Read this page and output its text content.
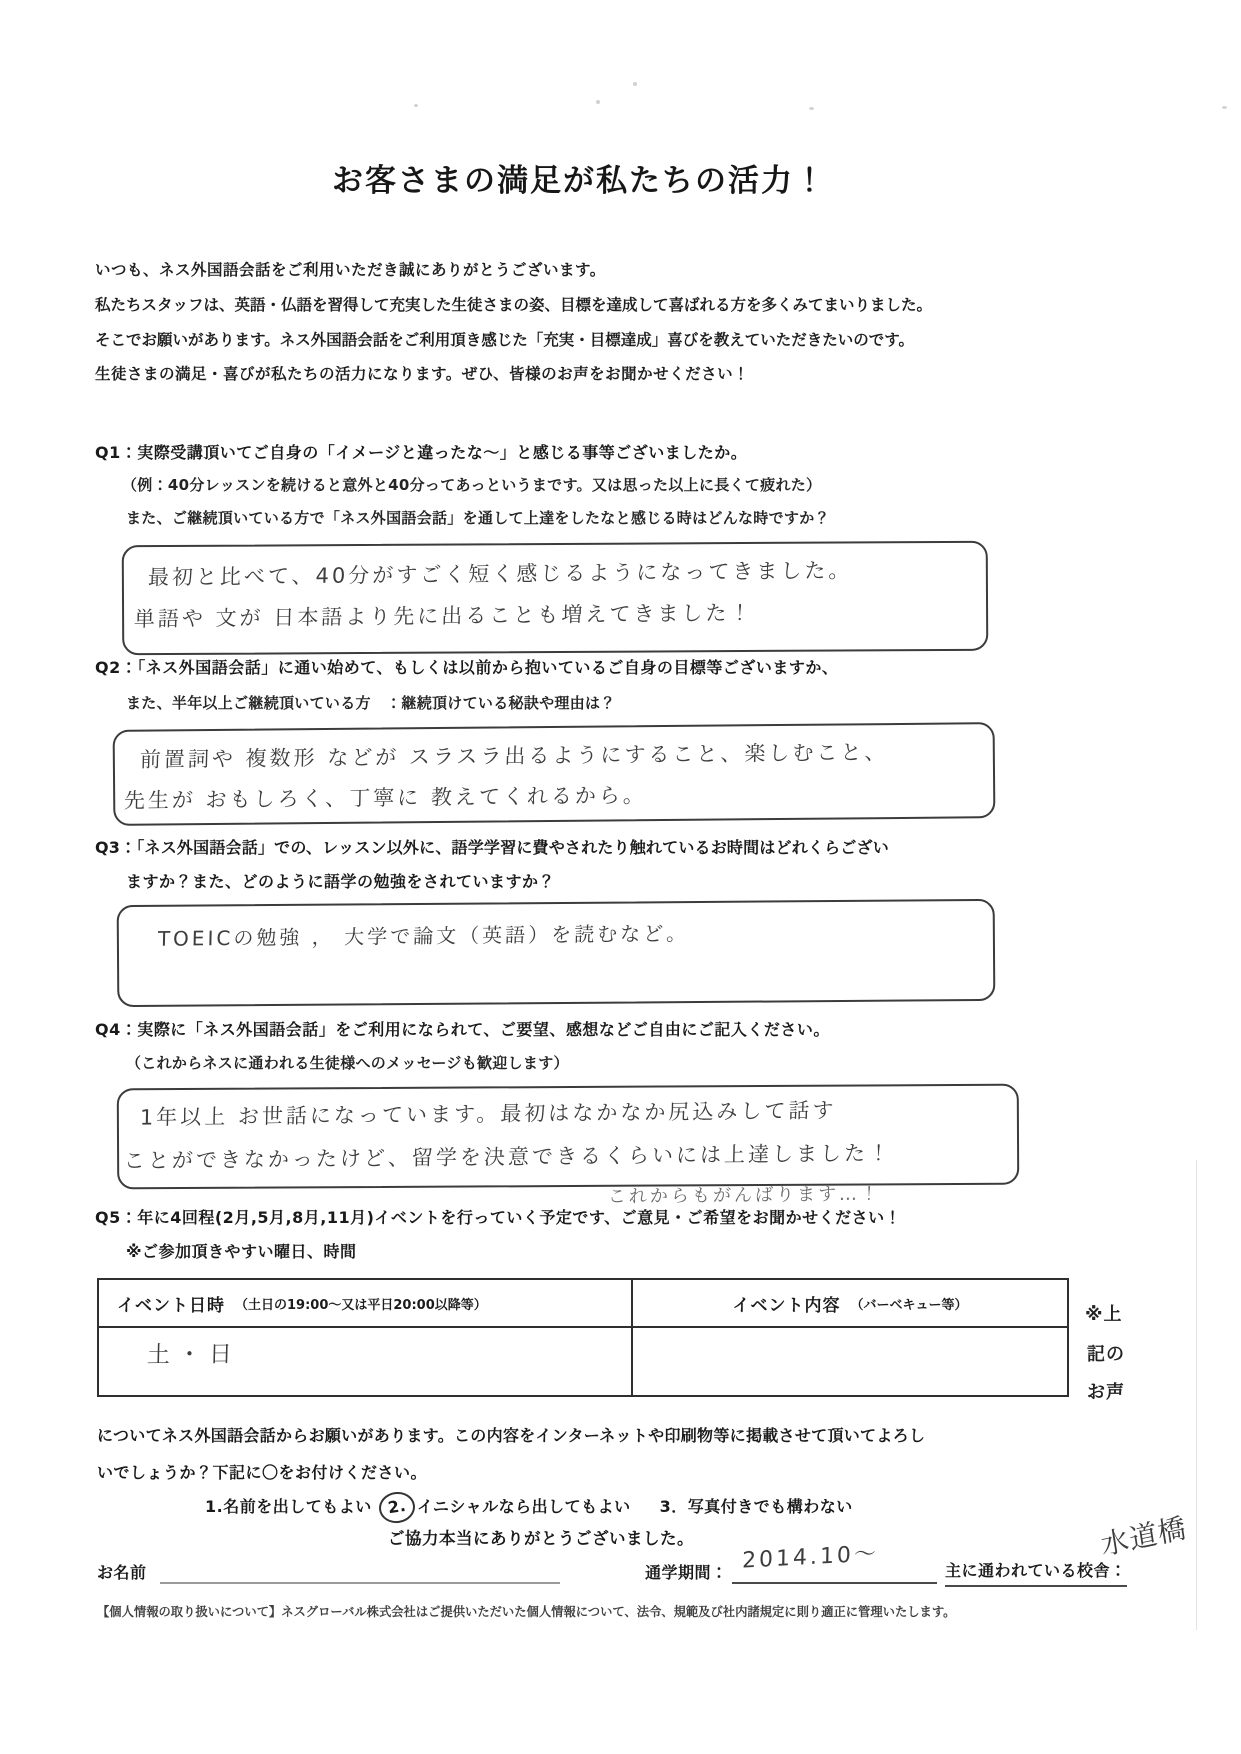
お客さまの満足が私たちの活力！
いつも、ネス外国語会話をご利用いただき誠にありがとうございます。
私たちスタッフは、英語・仏語を習得して充実した生徒さまの姿、目標を達成して喜ばれる方を多くみてまいりました。
そこでお願いがあります。ネス外国語会話をご利用頂き感じた「充実・目標達成」喜びを教えていただきたいのです。
生徒さまの満足・喜びが私たちの活力になります。ぜひ、皆様のお声をお聞かせください！
Q1：実際受講頂いてご自身の「イメージと違ったな～」と感じる事等ございましたか。
（例：40分レッスンを続けると意外と40分ってあっというまです。又は思った以上に長くて疲れた）
また、ご継続頂いている方で「ネス外国語会話」を通して上達をしたなと感じる時はどんな時ですか？
最初と比べて、40分がすごく短く感じるようになってきました。
単語や 文が 日本語より先に出ることも増えてきました！
Q2：「ネス外国語会話」に通い始めて、もしくは以前から抱いているご自身の目標等ございますか、
また、半年以上ご継続頂いている方　：継続頂けている秘訣や理由は？
前置詞や 複数形 などが スラスラ出るようにすること、楽しむこと、
先生が おもしろく、丁寧に 教えてくれるから。
Q3：「ネス外国語会話」での、レッスン以外に、語学学習に費やされたり触れているお時間はどれくらござい
ますか？また、どのように語学の勉強をされていますか？
TOEICの勉強 ， 大学で論文（英語）を読むなど。
Q4：実際に「ネス外国語会話」をご利用になられて、ご要望、感想などご自由にご記入ください。
（これからネスに通われる生徒様へのメッセージも歓迎します）
1年以上 お世話になっています。最初はなかなか尻込みして話す
ことができなかったけど、留学を決意できるくらいには上達しました！
これからもがんばります…！
Q5：年に4回程(2月,5月,8月,11月)イベントを行っていく予定です、ご意見・ご希望をお聞かせください！
※ご参加頂きやすい曜日、時間
イベント日時 （土日の19:00～又は平日20:00以降等）	イベント内容 （バーベキュー等）
土・日
※上
記の
お声
についてネス外国語会話からお願いがあります。この内容をインターネットや印刷物等に掲載させて頂いてよろし
いでしょうか？下記に〇をお付けください。
1.名前を出してもよい 2. イニシャルなら出してもよい 3．写真付きでも構わない
ご協力本当にありがとうございました。
お名前	通学期間： 2014.10～	主に通われている校舎：
水道橋
【個人情報の取り扱いについて】ネスグローバル株式会社はご提供いただいた個人情報について、法令、規範及び社内諸規定に則り適正に管理いたします。
